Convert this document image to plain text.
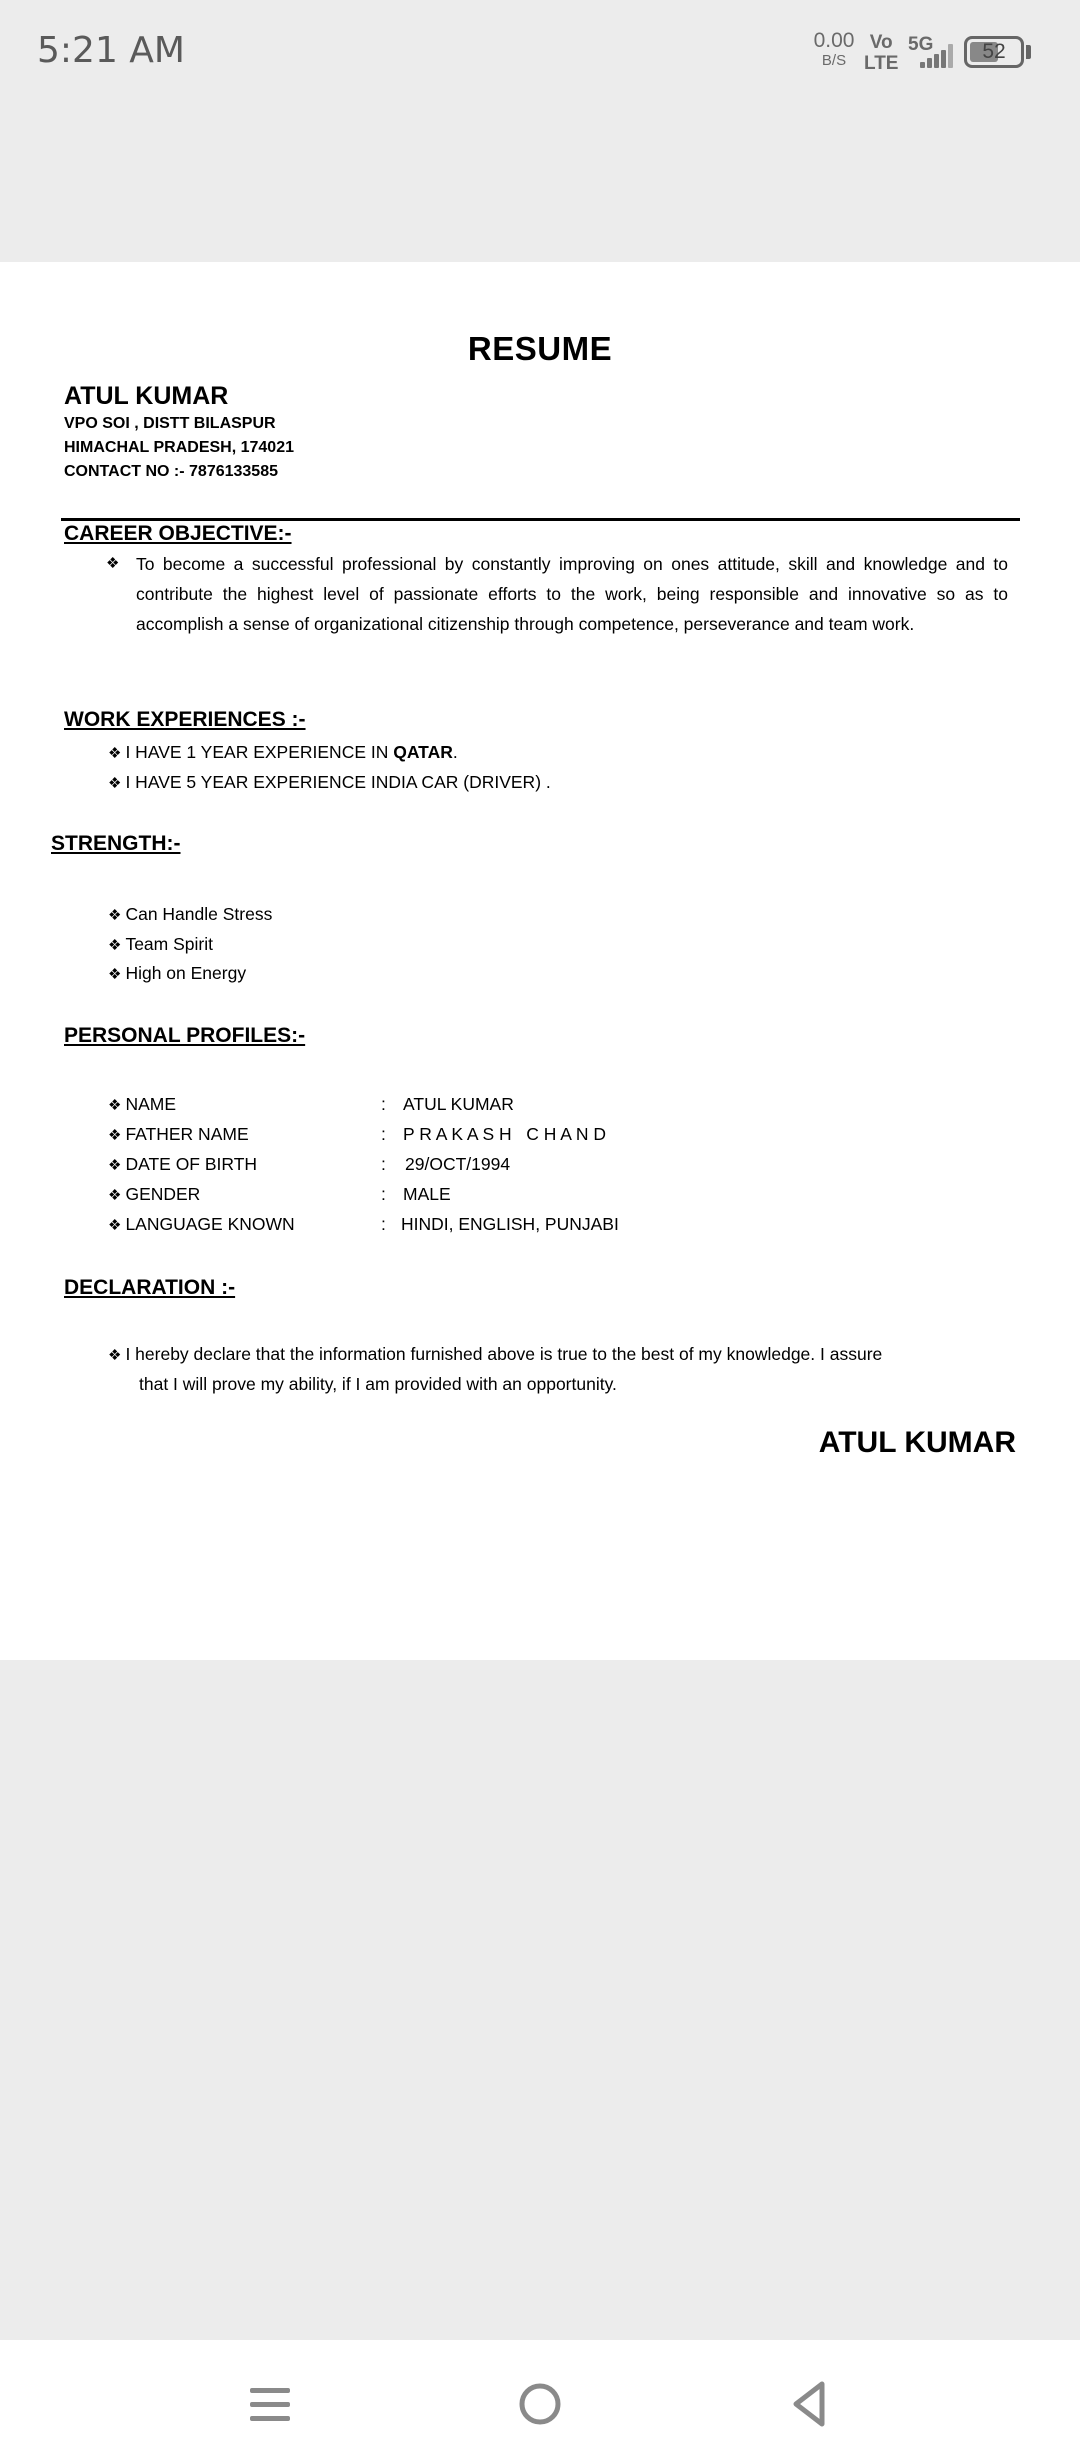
5:21 AM	0.00
B/S
Vo
LTE
5G	52
RESUME
ATUL KUMAR
VPO SOI , DISTT BILASPUR
HIMACHAL PRADESH, 174021
CONTACT NO :- 7876133585
CAREER OBJECTIVE:-
❖ To become a successful professional by constantly improving on ones attitude, skill and knowledge and to contribute the highest level of passionate efforts to the work, being responsible and innovative so as to accomplish a sense of organizational citizenship through competence, perseverance and team work.
WORK EXPERIENCES :-
❖ I HAVE 1 YEAR EXPERIENCE IN QATAR.
❖ I HAVE 5 YEAR EXPERIENCE INDIA CAR (DRIVER) .
STRENGTH:-
❖ Can Handle Stress
❖ Team Spirit
❖ High on Energy
PERSONAL PROFILES:-
❖ NAME	: ATUL KUMAR
❖ FATHER NAME	: P R A K A S H   C H A N D
❖ DATE OF BIRTH	: 29/OCT/1994
❖ GENDER	: MALE
❖ LANGUAGE KNOWN	: HINDI, ENGLISH, PUNJABI
DECLARATION :-
❖ I hereby declare that the information furnished above is true to the best of my knowledge. I assure
that I will prove my ability, if I am provided with an opportunity.
ATUL KUMAR
